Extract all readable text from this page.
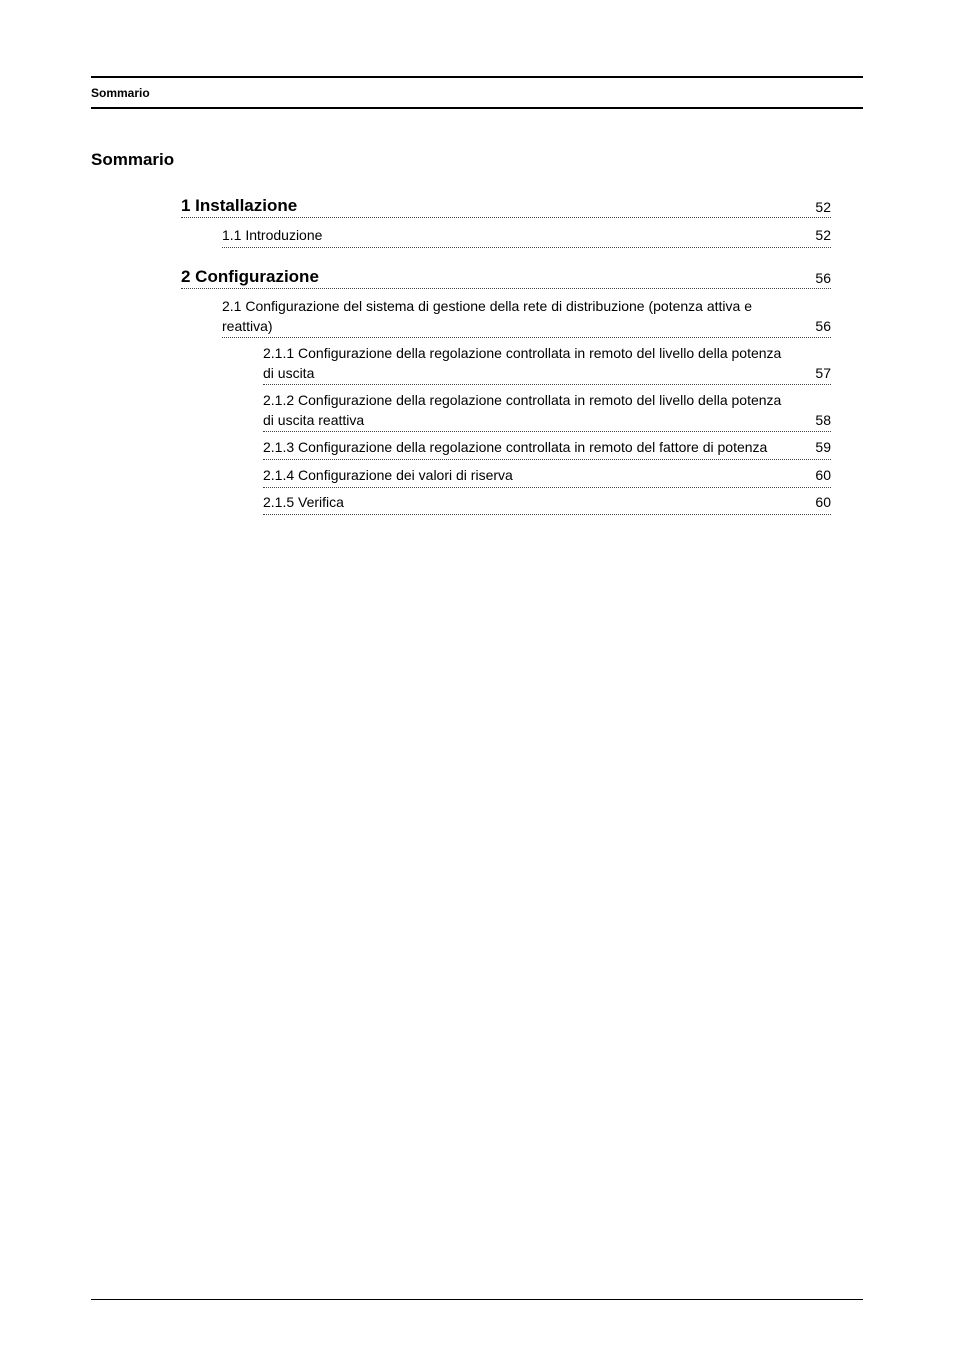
Sommario
Sommario
1 Installazione	52
1.1 Introduzione	52
2 Configurazione	56
2.1 Configurazione del sistema di gestione della rete di distribuzione (potenza attiva e reattiva)	56
2.1.1 Configurazione della regolazione controllata in remoto del livello della potenza di uscita	57
2.1.2 Configurazione della regolazione controllata in remoto del livello della potenza di uscita reattiva	58
2.1.3 Configurazione della regolazione controllata in remoto del fattore di potenza	59
2.1.4 Configurazione dei valori di riserva	60
2.1.5 Verifica	60
